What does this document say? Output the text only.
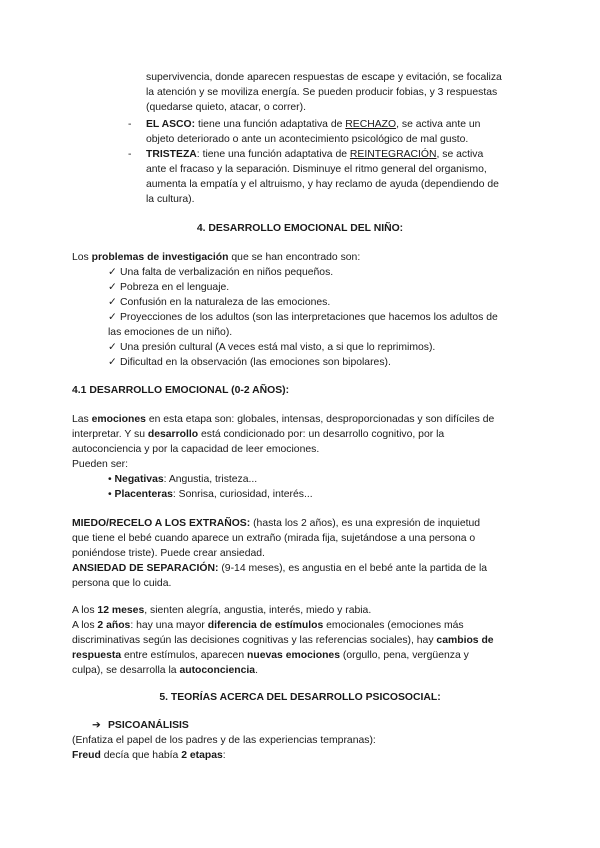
supervivencia, donde aparecen respuestas de escape y evitación, se focaliza
la atención y se moviliza energía. Se pueden producir fobias, y 3 respuestas
(quedarse quieto, atacar, o correr).
- EL ASCO: tiene una función adaptativa de RECHAZO, se activa ante un
objeto deteriorado o ante un acontecimiento psicológico de mal gusto.
- TRISTEZA: tiene una función adaptativa de REINTEGRACIÓN, se activa
ante el fracaso y la separación. Disminuye el ritmo general del organismo,
aumenta la empatía y el altruismo, y hay reclamo de ayuda (dependiendo de
la cultura).
4. DESARROLLO EMOCIONAL DEL NIÑO:
Los problemas de investigación que se han encontrado son:
✓ Una falta de verbalización en niños pequeños.
✓ Pobreza en el lenguaje.
✓ Confusión en la naturaleza de las emociones.
✓ Proyecciones de los adultos (son las interpretaciones que hacemos los adultos de
las emociones de un niño).
✓ Una presión cultural (A veces está mal visto, a si que lo reprimimos).
✓ Dificultad en la observación (las emociones son bipolares).
4.1 DESARROLLO EMOCIONAL (0-2 AÑOS):
Las emociones en esta etapa son: globales, intensas, desproporcionadas y son difíciles de
interpretar. Y su desarrollo está condicionado por: un desarrollo cognitivo, por la
autoconciencia y por la capacidad de leer emociones.
Pueden ser:
• Negativas: Angustia, tristeza...
• Placenteras: Sonrisa, curiosidad, interés...
MIEDO/RECELO A LOS EXTRAÑOS: (hasta los 2 años), es una expresión de inquietud
que tiene el bebé cuando aparece un extraño (mirada fija, sujetándose a una persona o
poniéndose triste). Puede crear ansiedad.
ANSIEDAD DE SEPARACIÓN: (9-14 meses), es angustia en el bebé ante la partida de la
persona que lo cuida.
A los 12 meses, sienten alegría, angustia, interés, miedo y rabia.
A los 2 años: hay una mayor diferencia de estímulos emocionales (emociones más
discriminativas según las decisiones cognitivas y las referencias sociales), hay cambios de
respuesta entre estímulos, aparecen nuevas emociones (orgullo, pena, vergüenza y
culpa), se desarrolla la autoconciencia.
5. TEORÍAS ACERCA DEL DESARROLLO PSICOSOCIAL:
➔ PSICOANÁLISIS
(Enfatiza el papel de los padres y de las experiencias tempranas):
Freud decía que había 2 etapas:
